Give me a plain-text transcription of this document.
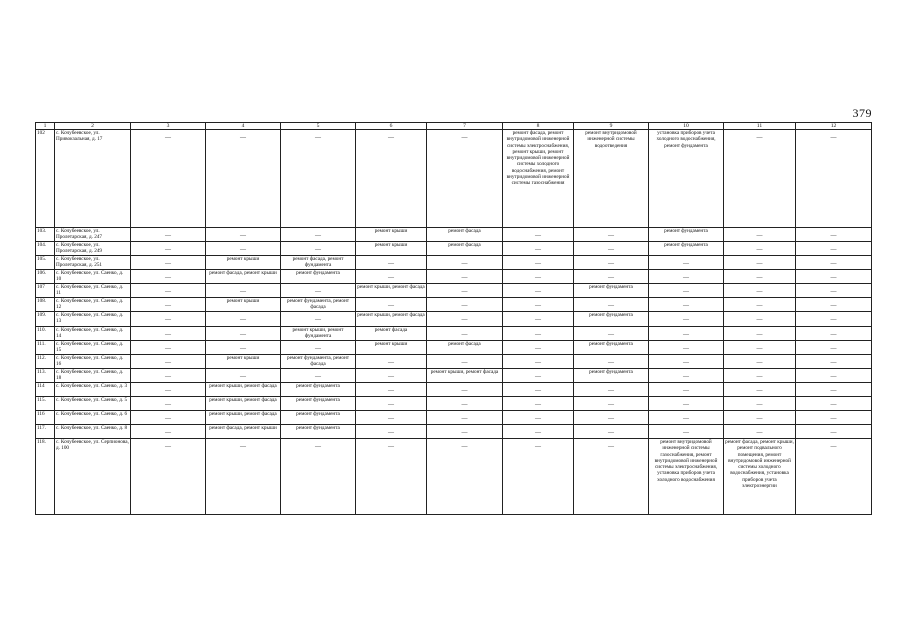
379
1	2	3	4	5	6	7	8	9	10	11	12
102	с. Кочубеевское, ул. Привокзальная, д. 17	—	—	—	—	—	ремонт фасада, ремонт внутридомовой инженерной системы электроснабжения, ремонт крыши, ремонт внутридомовой инженерной системы холодного водоснабжения, ремонт внутридомовой инженерной системы газоснабжения	ремонт внутридомовой инженерной системы водоотведения	установка приборов учета холодного водоснабжения, ремонт фундамента	—	—
103.	с. Кочубеевское, ул. Пролетарская, д. 247	—	—	—	ремонт крыши	ремонт фасада	—	—	ремонт фундамента	—	—
104.	с. Кочубеевское, ул. Пролетарская, д. 249	—	—	—	ремонт крыши	ремонт фасада	—	—	ремонт фундамента	—	—
105.	с. Кочубеевское, ул. Пролетарская, д. 251	—	ремонт крыши	ремонт фасада, ремонт фундамента	—	—	—	—	—	—	—
106.	с. Кочубеевское, ул. Саенко, д. 10	—	ремонт фасада, ремонт крыши	ремонт фундамента	—	—	—	—	—	—	—
107	с. Кочубеевское, ул. Саенко, д. 11	—	—	—	ремонт крыши, ремонт фасада	—	—	ремонт фундамента	—	—	—
108.	с. Кочубеевское, ул. Саенко, д. 12	—	ремонт крыши	ремонт фундамента, ремонт фасада	—	—	—	—	—	—	—
109.	с. Кочубеевское, ул. Саенко, д. 13	—	—	—	ремонт крыши, ремонт фасада	—	—	ремонт фундамента	—	—	—
110.	с. Кочубеевское, ул. Саенко, д. 14	—	—	ремонт крыши, ремонт фундамента	ремонт фасада	—	—	—	—	—	—
111.	с. Кочубеевское, ул. Саенко, д. 15	—	—	—	ремонт крыши	ремонт фасада	—	ремонт фундамента	—	—	—
112.	с. Кочубеевское, ул. Саенко, д. 16	—	ремонт крыши	ремонт фундамента, ремонт фасада	—	—	—	—	—	—	—
113.	с. Кочубеевское, ул. Саенко, д. 18	—	—	—	—	ремонт крыши, ремонт фасада	—	ремонт фундамента	—	—	—
114	с. Кочубеевское, ул. Саенко, д. 3	—	ремонт крыши, ремонт фасада	ремонт фундамента	—	—	—	—	—	—	—
115.	с. Кочубеевское, ул. Саенко, д. 5	—	ремонт крыши, ремонт фасада	ремонт фундамента	—	—	—	—	—	—	—
116	с. Кочубеевское, ул. Саенко, д. 6	—	ремонт крыши, ремонт фасада	ремонт фундамента	—	—	—	—	—	—	—
117.	с. Кочубеевское, ул. Саенко, д. 8	—	ремонт фасада, ремонт крыши	ремонт фундамента	—	—	—	—	—	—	—
118.	с. Кочубеевское, ул. Серпионова, д. 100	—	—	—	—	—	—	—	ремонт внутридомовой инженерной системы газоснабжения, ремонт внутридомовой инженерной системы электроснабжения, установка приборов учета холодного водоснабжения	ремонт фасада, ремонт крыши, ремонт подвального помещения, ремонт внутридомовой инженерной системы холодного водоснабжения, установка приборов учета электроэнергии	—
